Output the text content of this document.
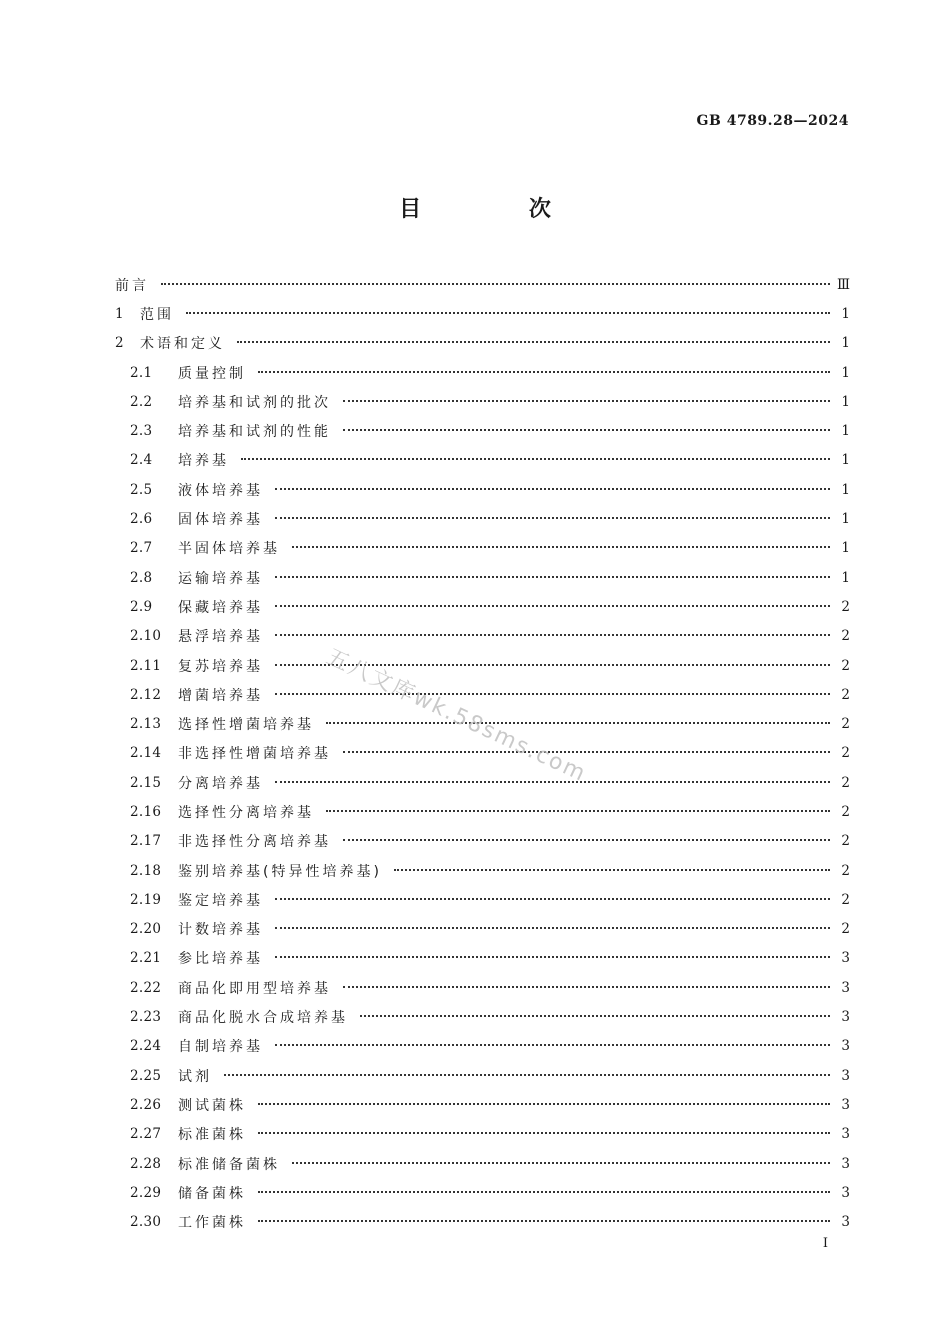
GB 4789.28—2024
目 次
前言	Ⅲ
1	范围	1
2	术语和定义	1
2.1	质量控制	1
2.2	培养基和试剂的批次	1
2.3	培养基和试剂的性能	1
2.4	培养基	1
2.5	液体培养基	1
2.6	固体培养基	1
2.7	半固体培养基	1
2.8	运输培养基	1
2.9	保藏培养基	2
2.10	悬浮培养基	2
2.11	复苏培养基	2
2.12	增菌培养基	2
2.13	选择性增菌培养基	2
2.14	非选择性增菌培养基	2
2.15	分离培养基	2
2.16	选择性分离培养基	2
2.17	非选择性分离培养基	2
2.18	鉴别培养基(特异性培养基)	2
2.19	鉴定培养基	2
2.20	计数培养基	2
2.21	参比培养基	3
2.22	商品化即用型培养基	3
2.23	商品化脱水合成培养基	3
2.24	自制培养基	3
2.25	试剂	3
2.26	测试菌株	3
2.27	标准菌株	3
2.28	标准储备菌株	3
2.29	储备菌株	3
2.30	工作菌株	3
五八文库wk.58sms.com
I
